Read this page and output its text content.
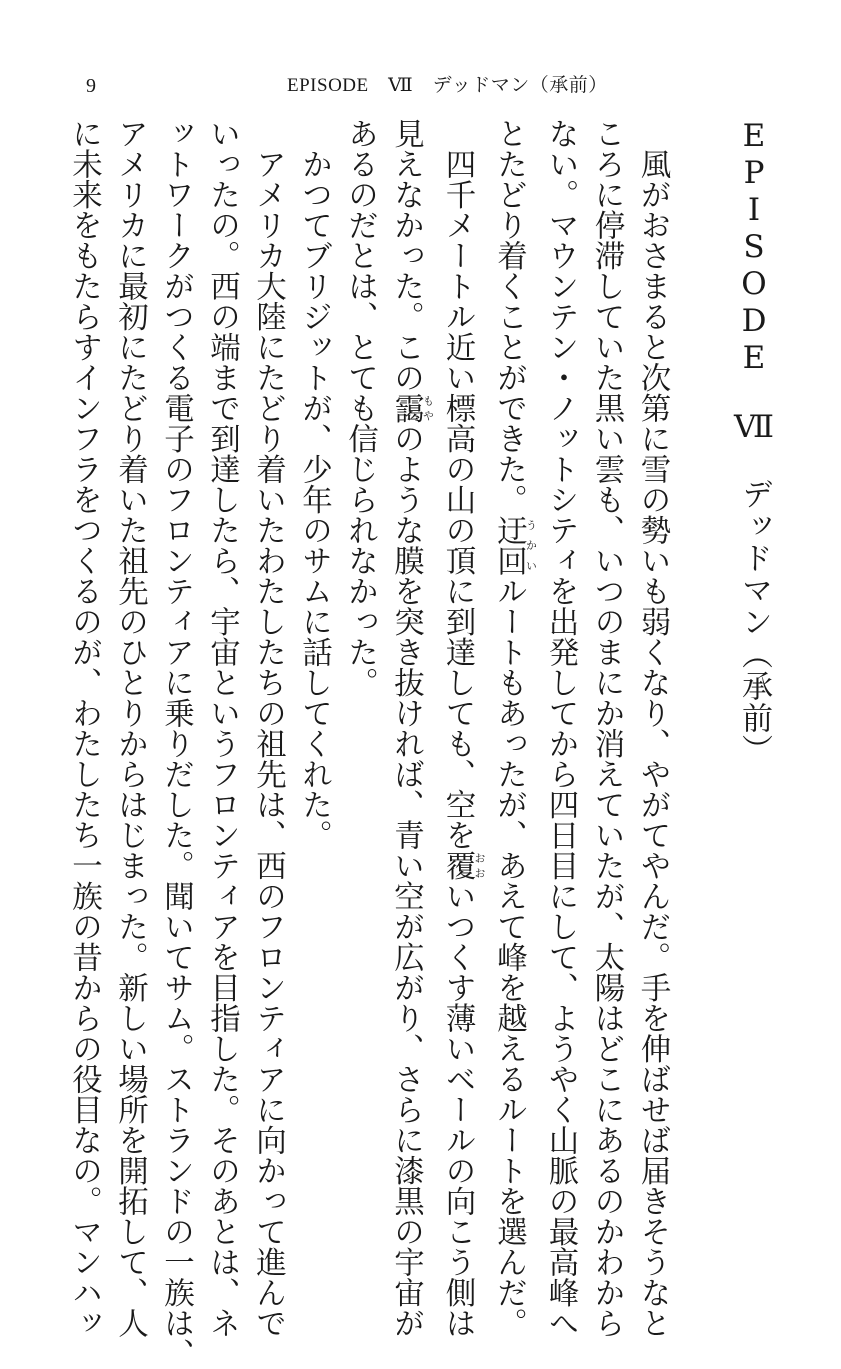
9	EPISODE　Ⅶ　デッドマン（承前）
EPISODE　Ⅶ　デッドマン（承前）
　風がおさまると次第に雪の勢いも弱くなり、やがてやんだ。手を伸ばせば届きそうなと
ころに停滞していた黒い雲も、いつのまにか消えていたが、太陽はどこにあるのかわから
ない。マウンテン・ノットシティを出発してから四日目にして、ようやく山脈の最高峰へ
とたどり着くことができた。迂回うかいルートもあったが、あえて峰を越えるルートを選んだ。
　四千メートル近い標高の山の頂に到達しても、空を覆おおいつくす薄いベールの向こう側は
見えなかった。この靄もやのような膜を突き抜ければ、青い空が広がり、さらに漆黒の宇宙が
あるのだとは、とても信じられなかった。
　かつてブリジットが、少年のサムに話してくれた。
　アメリカ大陸にたどり着いたわたしたちの祖先は、西のフロンティアに向かって進んで
いったの。西の端まで到達したら、宇宙というフロンティアを目指した。そのあとは、ネ
ットワークがつくる電子のフロンティアに乗りだした。聞いてサム。ストランドの一族は、
アメリカに最初にたどり着いた祖先のひとりからはじまった。新しい場所を開拓して、人
に未来をもたらすインフラをつくるのが、わたしたち一族の昔からの役目なの。マンハッ
